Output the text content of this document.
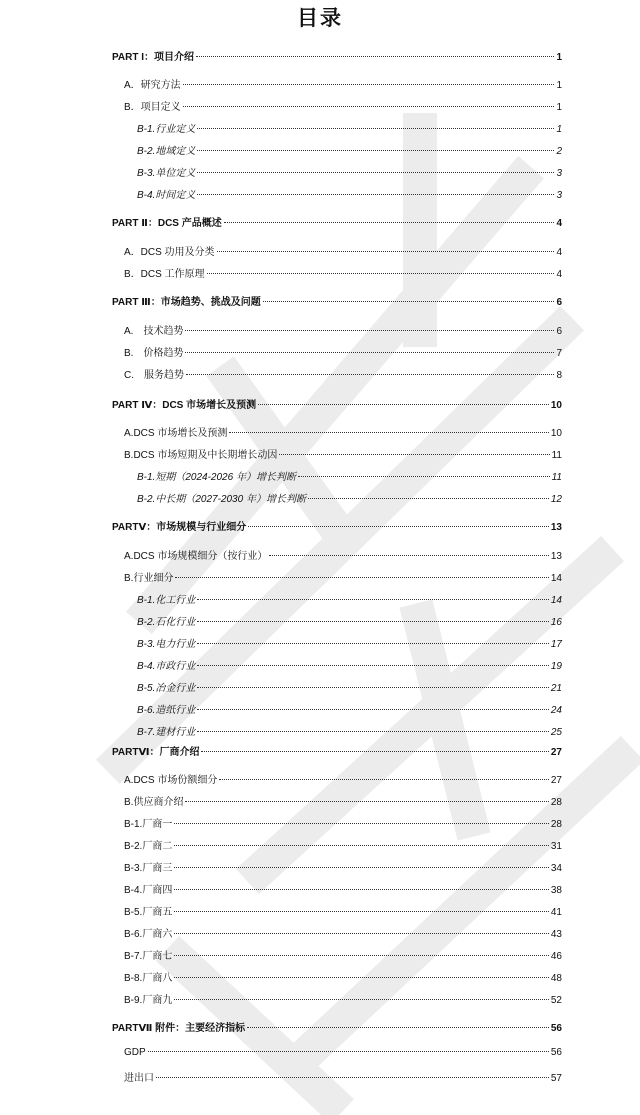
目录
PART I：项目介绍	1
A．研究方法	1
B．项目定义	1
B-1.行业定义	1
B-2.地域定义	2
B-3.单位定义	3
B-4.时间定义	3
PART Ⅱ：DCS 产品概述	4
A．DCS 功用及分类	4
B．DCS 工作原理	4
PART Ⅲ：市场趋势、挑战及问题	6
A.　技术趋势	6
B.　价格趋势	7
C.　服务趋势	8
PART Ⅳ：DCS 市场增长及预测	10
A.DCS 市场增长及预测	10
B.DCS 市场短期及中长期增长动因	11
B-1.短期（2024-2026 年）增长判断	11
B-2.中长期（2027-2030 年）增长判断	12
PARTⅤ：市场规模与行业细分	13
A.DCS 市场规模细分（按行业）	13
B.行业细分	14
B-1.化工行业	14
B-2.石化行业	16
B-3.电力行业	17
B-4.市政行业	19
B-5.冶金行业	21
B-6.造纸行业	24
B-7.建材行业	25
PARTⅥ：厂商介绍	27
A.DCS 市场份额细分	27
B.供应商介绍	28
B-1.厂商一	28
B-2.厂商二	31
B-3.厂商三	34
B-4.厂商四	38
B-5.厂商五	41
B-6.厂商六	43
B-7.厂商七	46
B-8.厂商八	48
B-9.厂商九	52
PARTⅦ 附件：主要经济指标	56
GDP	56
进出口	57
